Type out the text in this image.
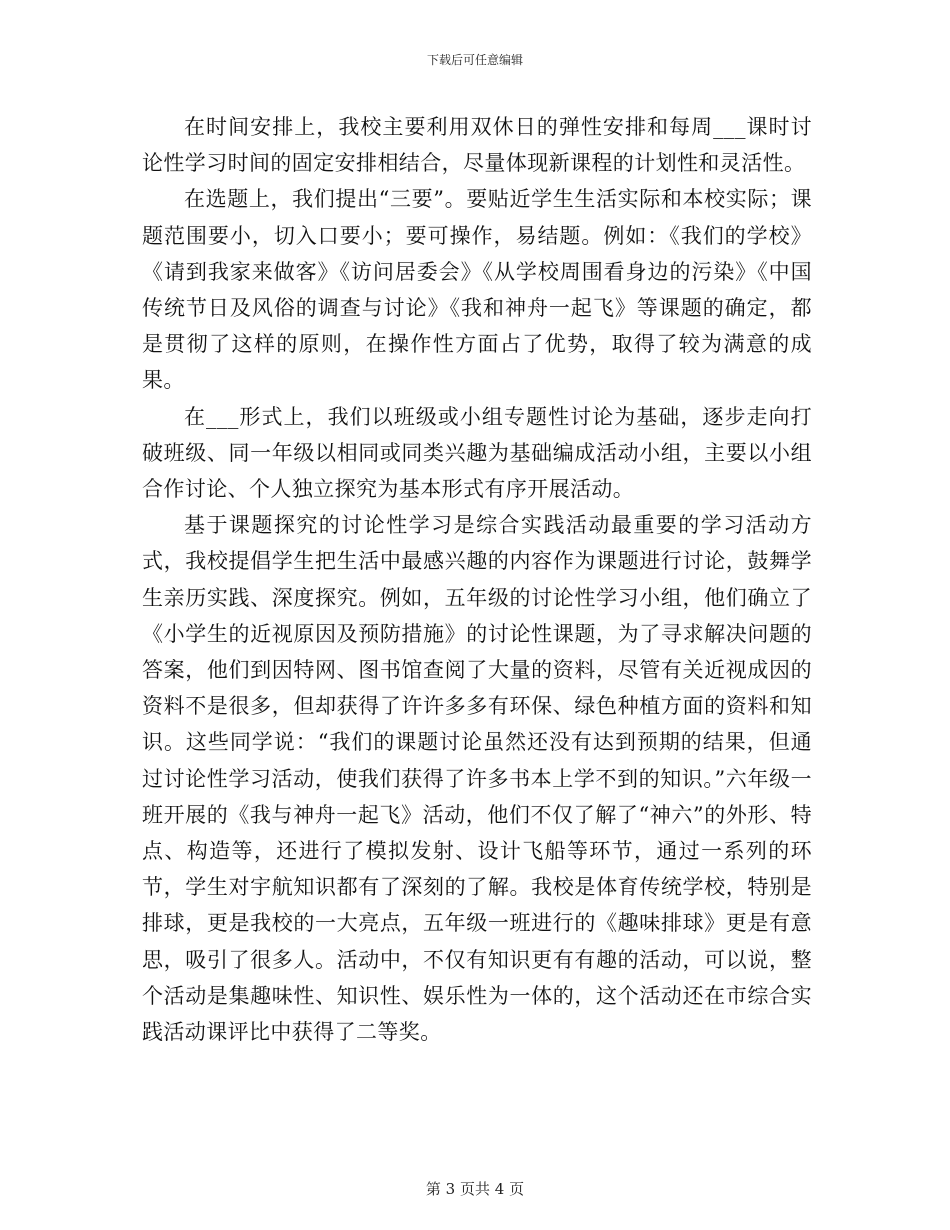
下载后可任意编辑

在时间安排上，我校主要利用双休日的弹性安排和每周___课时讨论性学习时间的固定安排相结合，尽量体现新课程的计划性和灵活性。

在选题上，我们提出“三要”。要贴近学生生活实际和本校实际；课题范围要小，切入口要小；要可操作，易结题。例如：《我们的学校》《请到我家来做客》《访问居委会》《从学校周围看身边的污染》《中国传统节日及风俗的调查与讨论》《我和神舟一起飞》等课题的确定，都是贯彻了这样的原则，在操作性方面占了优势，取得了较为满意的成果。

在___形式上，我们以班级或小组专题性讨论为基础，逐步走向打破班级、同一年级以相同或同类兴趣为基础编成活动小组，主要以小组合作讨论、个人独立探究为基本形式有序开展活动。

基于课题探究的讨论性学习是综合实践活动最重要的学习活动方式，我校提倡学生把生活中最感兴趣的内容作为课题进行讨论，鼓舞学生亲历实践、深度探究。例如，五年级的讨论性学习小组，他们确立了《小学生的近视原因及预防措施》的讨论性课题，为了寻求解决问题的答案，他们到因特网、图书馆查阅了大量的资料，尽管有关近视成因的资料不是很多，但却获得了许许多多有环保、绿色种植方面的资料和知识。这些同学说：“我们的课题讨论虽然还没有达到预期的结果，但通过讨论性学习活动，使我们获得了许多书本上学不到的知识。”六年级一班开展的《我与神舟一起飞》活动，他们不仅了解了“神六”的外形、特点、构造等，还进行了模拟发射、设计飞船等环节，通过一系列的环节，学生对宇航知识都有了深刻的了解。我校是体育传统学校，特别是排球，更是我校的一大亮点，五年级一班进行的《趣味排球》更是有意思，吸引了很多人。活动中，不仅有知识更有有趣的活动，可以说，整个活动是集趣味性、知识性、娱乐性为一体的，这个活动还在市综合实践活动课评比中获得了二等奖。

第 3 页共 4 页
